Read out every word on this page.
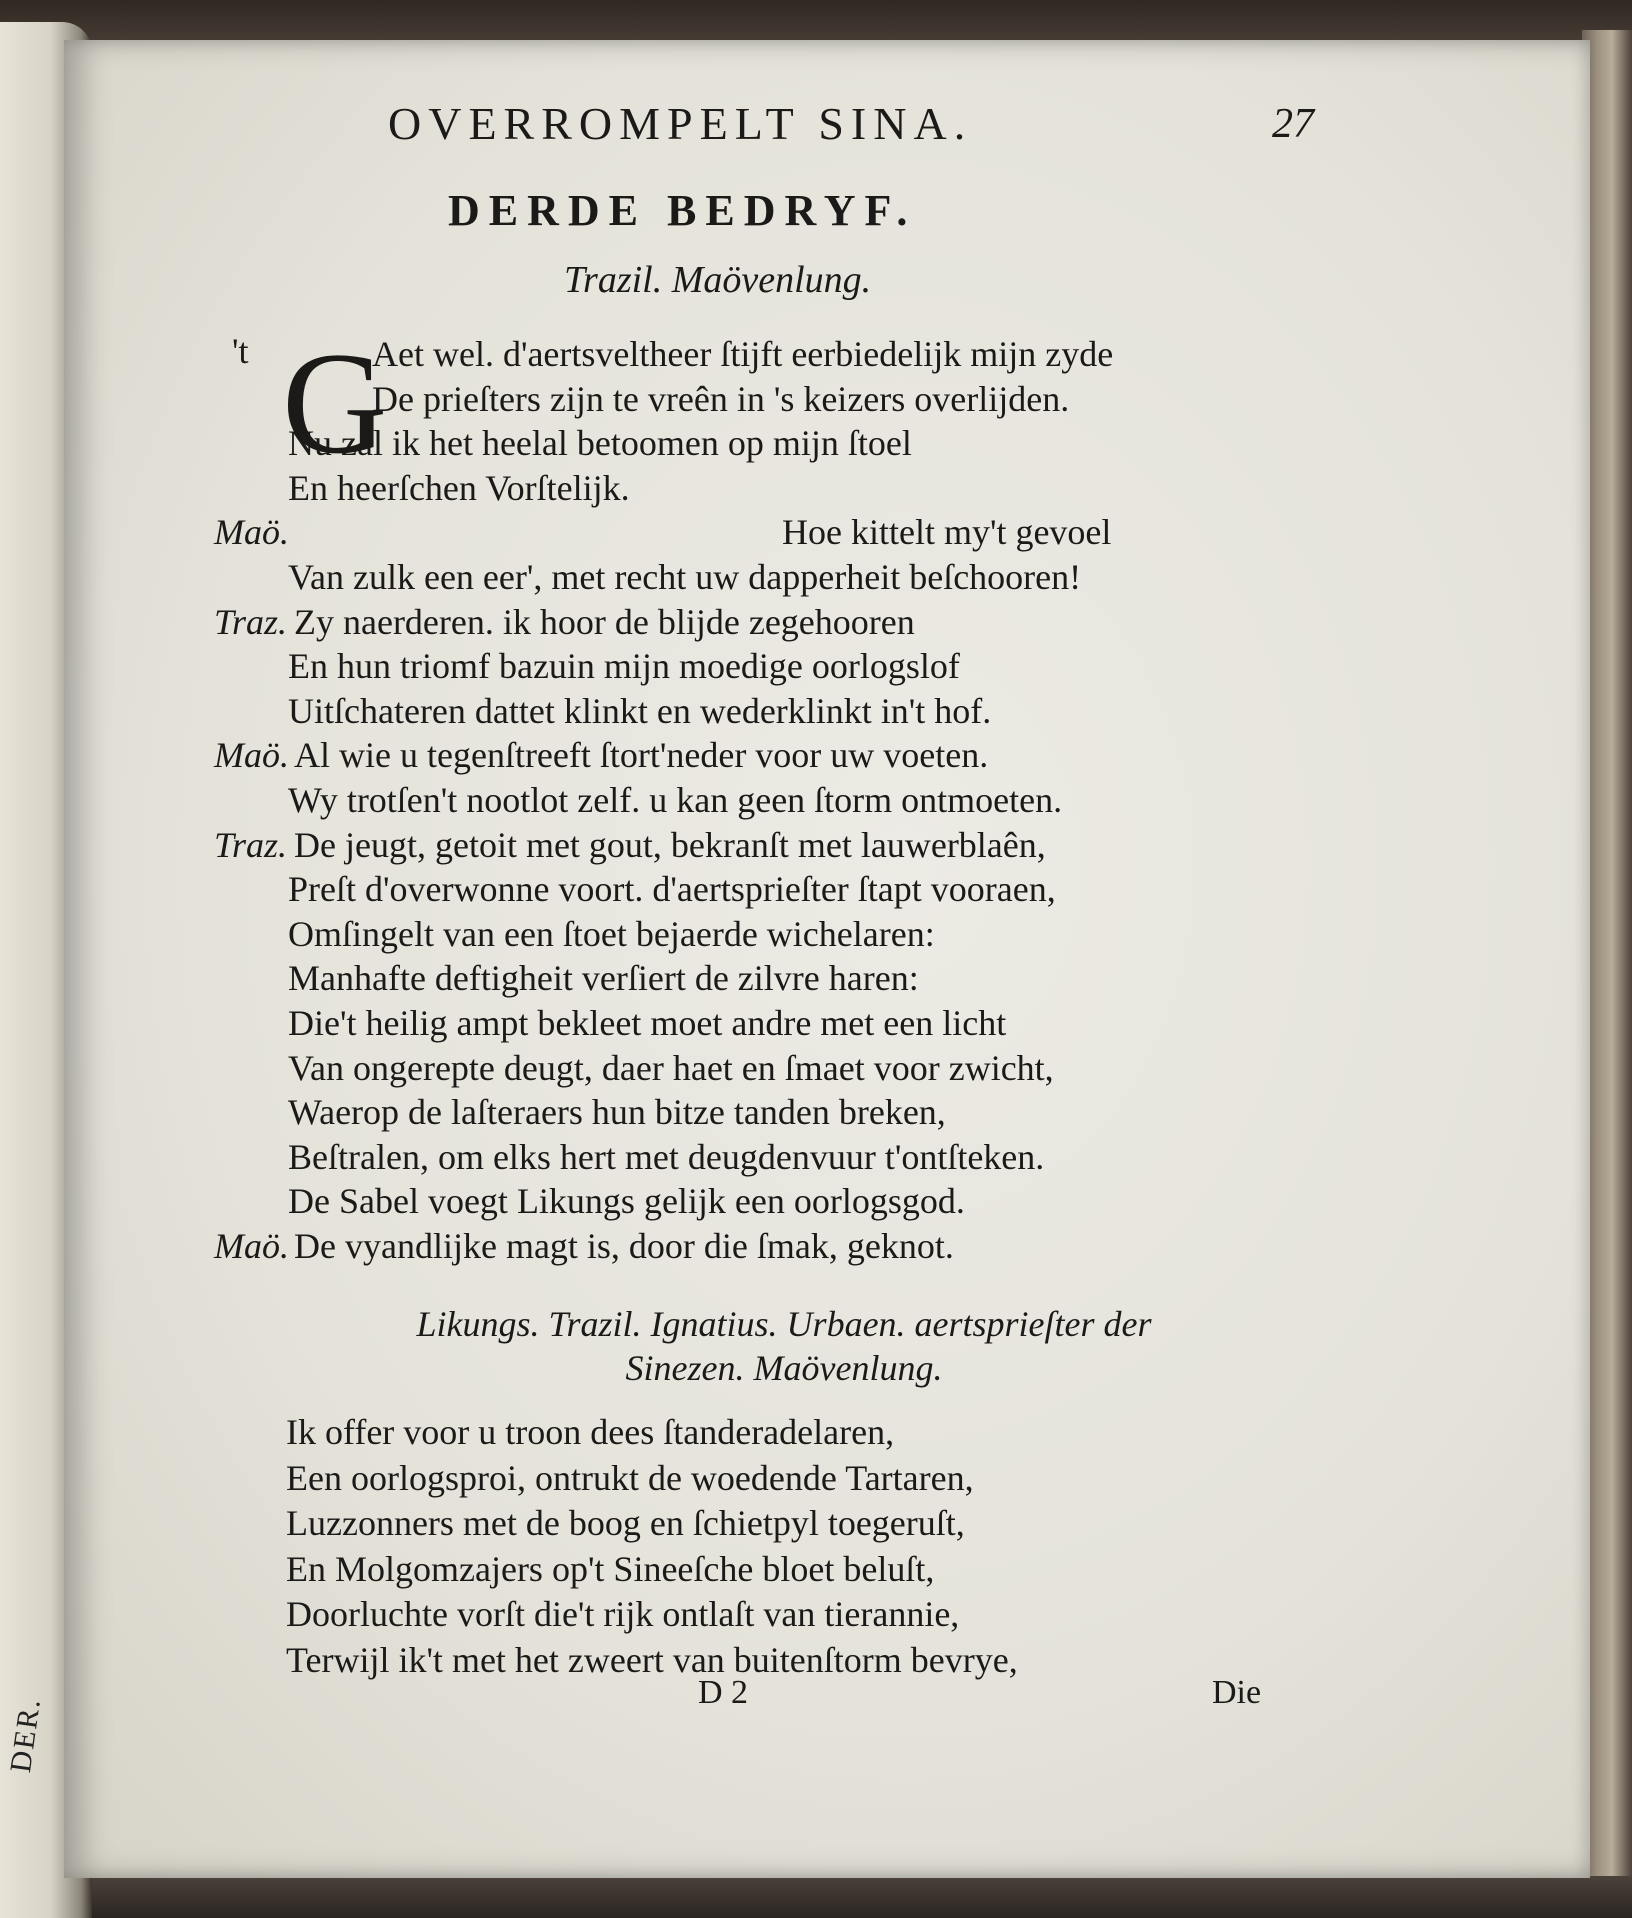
DER.
OVERROMPELT SINA.	27
DERDE BEDRYF.
Trazil. Maövenlung.
't G
Aet wel. d'aertsveltheer ſtijft eerbiedelijk mijn zyde
De prieſters zijn te vreên in 's keizers overlijden.
Nu zal ik het heelal betoomen op mijn ſtoel
En heerſchen Vorſtelijk.
Maö.	Hoe kittelt my't gevoel
Van zulk een eer', met recht uw dapperheit beſchooren!
Traz. Zy naerderen. ik hoor de blijde zegehooren
En hun triomf bazuin mijn moedige oorlogslof
Uitſchateren dattet klinkt en wederklinkt in't hof.
Maö. Al wie u tegenſtreeft ſtort'neder voor uw voeten.
Wy trotſen't nootlot zelf. u kan geen ſtorm ontmoeten.
Traz. De jeugt, getoit met gout, bekranſt met lauwerblaên,
Preſt d'overwonne voort. d'aertsprieſter ſtapt vooraen,
Omſingelt van een ſtoet bejaerde wichelaren:
Manhafte deftigheit verſiert de zilvre haren:
Die't heilig ampt bekleet moet andre met een licht
Van ongerepte deugt, daer haet en ſmaet voor zwicht,
Waerop de laſteraers hun bitze tanden breken,
Beſtralen, om elks hert met deugdenvuur t'ontſteken.
De Sabel voegt Likungs gelijk een oorlogsgod.
Maö. De vyandlijke magt is, door die ſmak, geknot.
Likungs. Trazil. Ignatius. Urbaen. aertsprieſter der
Sinezen. Maövenlung.
Ik offer voor u troon dees ſtanderadelaren,
Een oorlogsproi, ontrukt de woedende Tartaren,
Luzzonners met de boog en ſchietpyl toegeruſt,
En Molgomzajers op't Sineeſche bloet beluſt,
Doorluchte vorſt die't rijk ontlaſt van tierannie,
Terwijl ik't met het zweert van buitenſtorm bevrye,
D 2	Die
